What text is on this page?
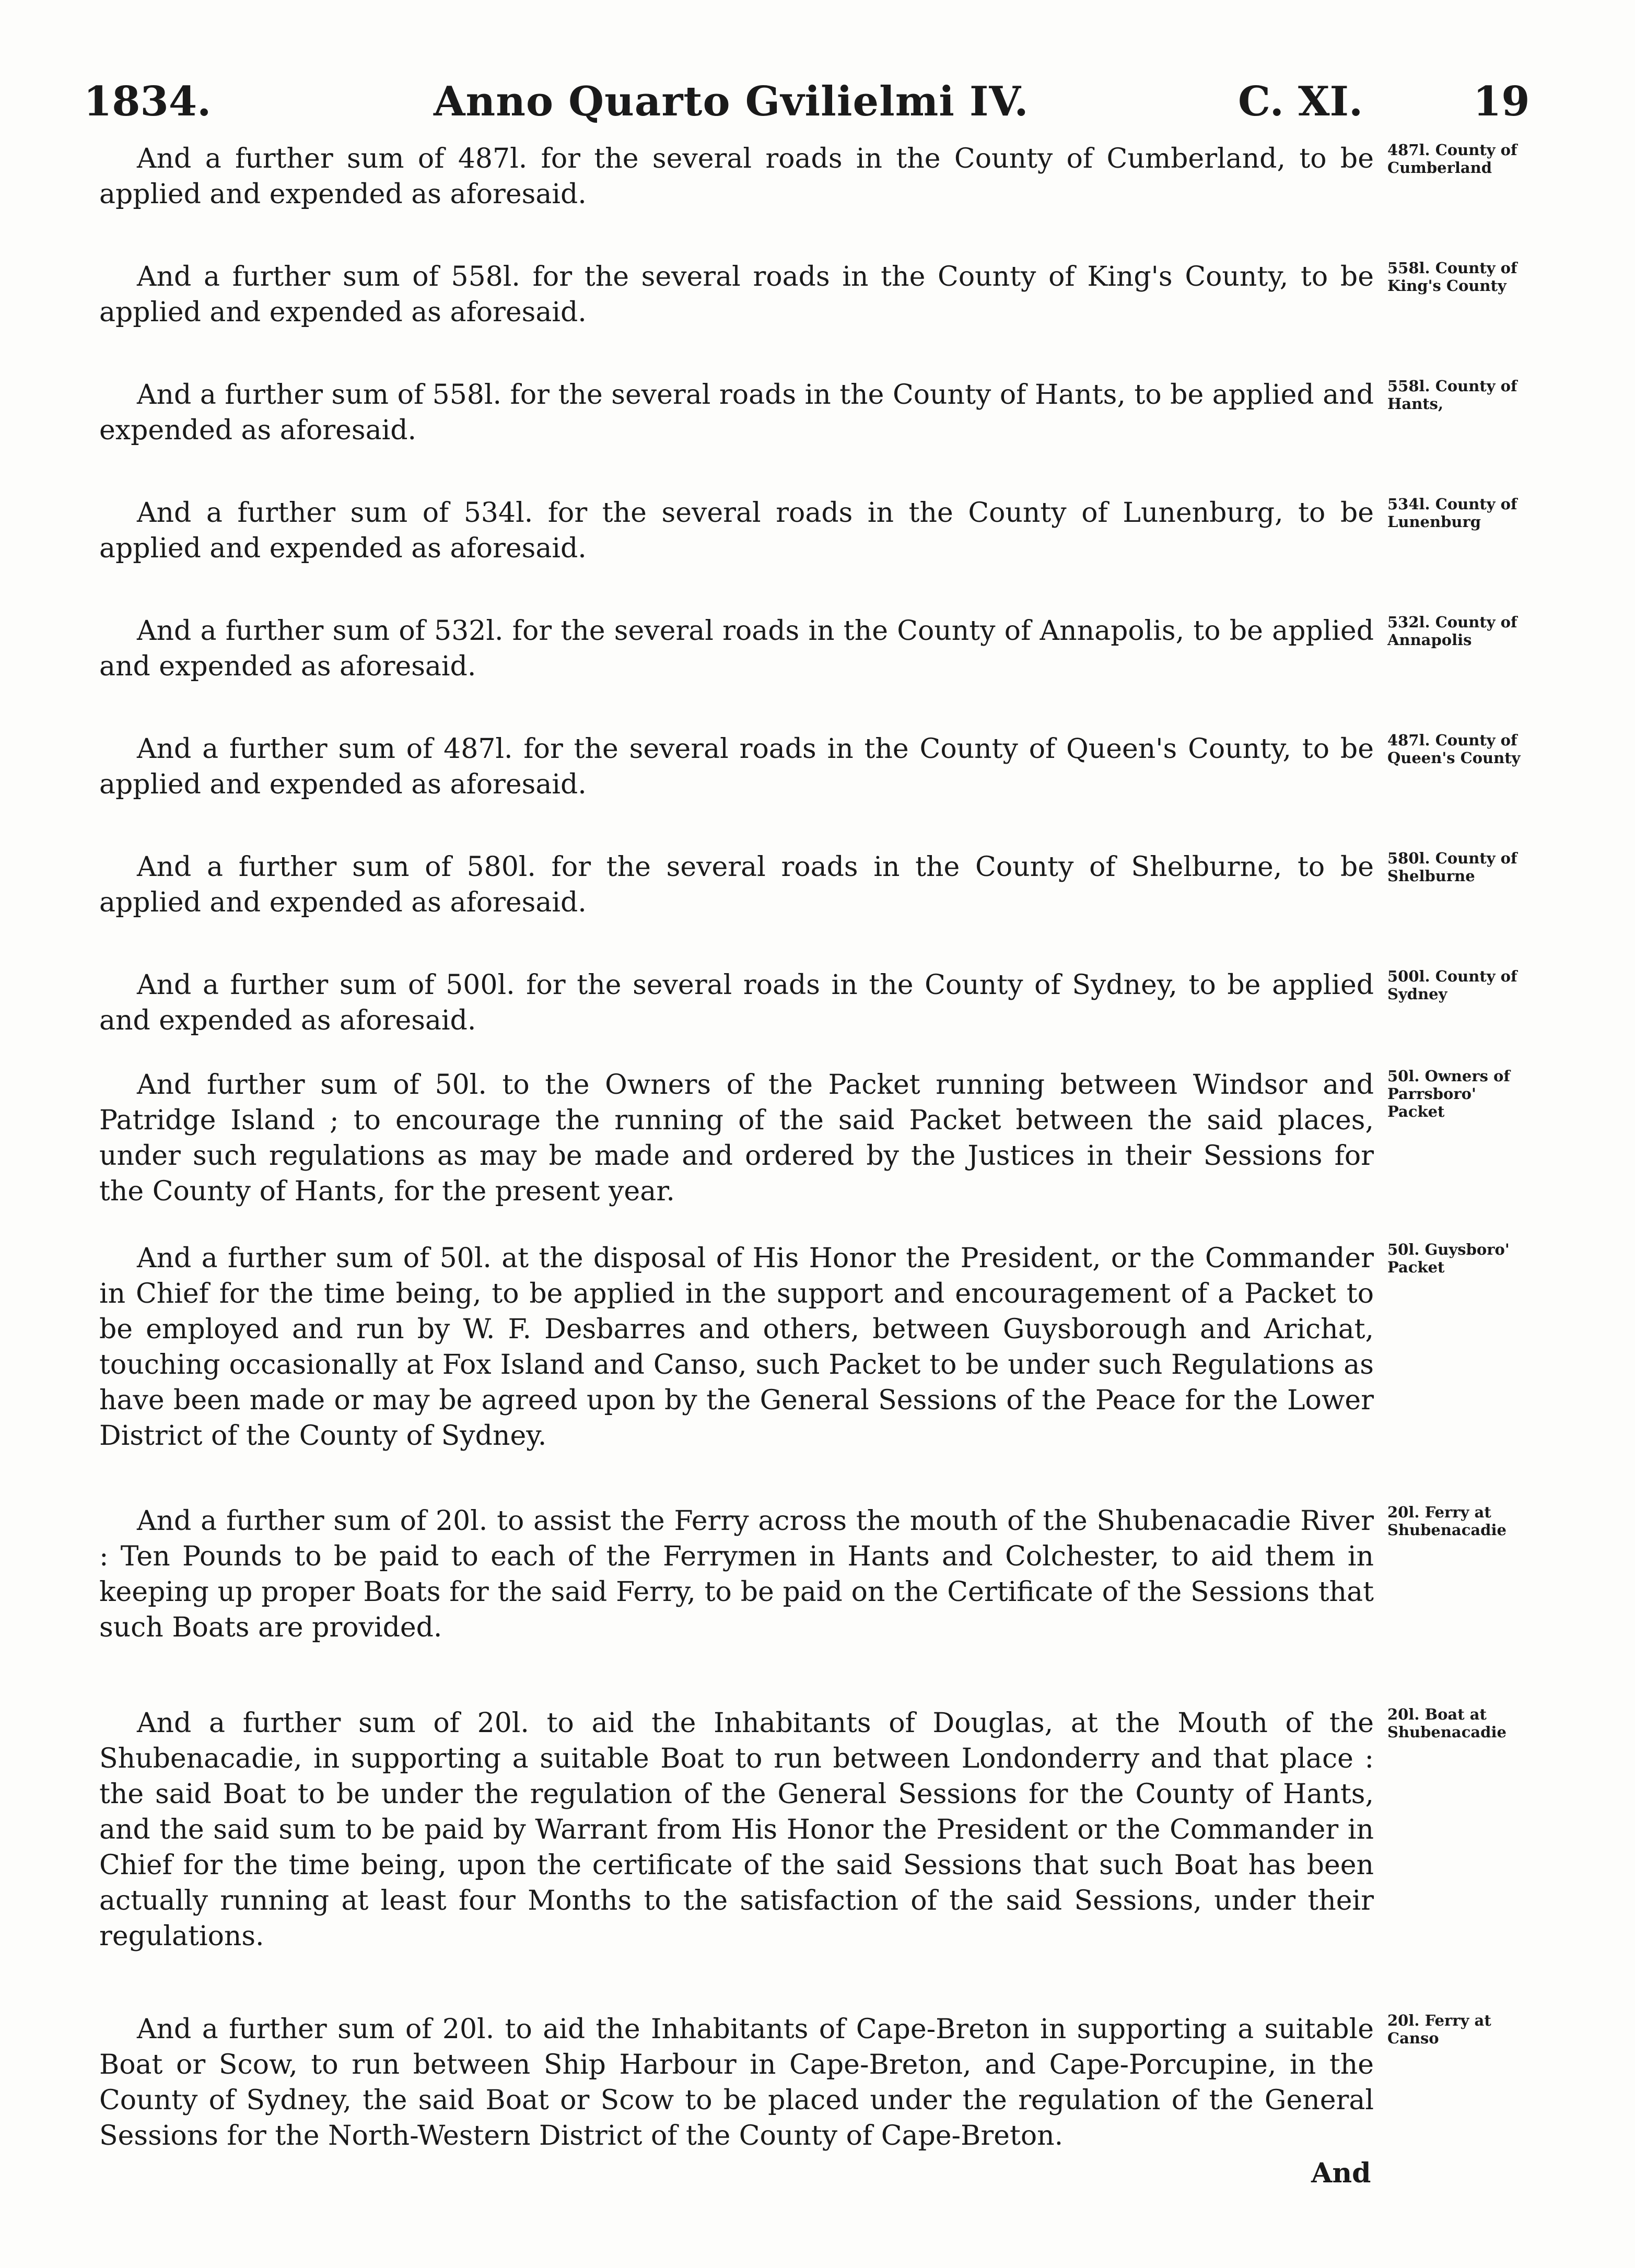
1834.	Anno Quarto Gvilielmi IV.	C. XI.	19

And a further sum of 487l. for the several roads in the County of Cumberland, to be applied and expended as aforesaid.

487l. County of Cumberland

And a further sum of 558l. for the several roads in the County of King's County, to be applied and expended as aforesaid.

558l. County of King's County

And a further sum of 558l. for the several roads in the County of Hants, to be applied and expended as aforesaid.

558l. County of Hants,

And a further sum of 534l. for the several roads in the County of Lunenburg, to be applied and expended as aforesaid.

534l. County of Lunenburg

And a further sum of 532l. for the several roads in the County of Annapolis, to be applied and expended as aforesaid.

532l. County of Annapolis

And a further sum of 487l. for the several roads in the County of Queen's County, to be applied and expended as aforesaid.

487l. County of Queen's County

And a further sum of 580l. for the several roads in the County of Shelburne, to be applied and expended as aforesaid.

580l. County of Shelburne

And a further sum of 500l. for the several roads in the County of Sydney, to be applied and expended as aforesaid.

500l. County of Sydney

And further sum of 50l. to the Owners of the Packet running between Windsor and Patridge Island ; to encourage the running of the said Packet between the said places, under such regulations as may be made and ordered by the Justices in their Sessions for the County of Hants, for the present year.

50l. Owners of Parrsboro' Packet

And a further sum of 50l. at the disposal of His Honor the President, or the Commander in Chief for the time being, to be applied in the support and encouragement of a Packet to be employed and run by W. F. Desbarres and others, between Guysborough and Arichat, touching occasionally at Fox Island and Canso, such Packet to be under such Regulations as have been made or may be agreed upon by the General Sessions of the Peace for the Lower District of the County of Sydney.

50l. Guysboro' Packet

And a further sum of 20l. to assist the Ferry across the mouth of the Shubenacadie River : Ten Pounds to be paid to each of the Ferrymen in Hants and Colchester, to aid them in keeping up proper Boats for the said Ferry, to be paid on the Certificate of the Sessions that such Boats are provided.

20l. Ferry at Shubenacadie

And a further sum of 20l. to aid the Inhabitants of Douglas, at the Mouth of the Shubenacadie, in supporting a suitable Boat to run between Londonderry and that place : the said Boat to be under the regulation of the General Sessions for the County of Hants, and the said sum to be paid by Warrant from His Honor the President or the Commander in Chief for the time being, upon the certificate of the said Sessions that such Boat has been actually running at least four Months to the satisfaction of the said Sessions, under their regulations.

20l. Boat at Shubenacadie

And a further sum of 20l. to aid the Inhabitants of Cape-Breton in supporting a suitable Boat or Scow, to run between Ship Harbour in Cape-Breton, and Cape-Porcupine, in the County of Sydney, the said Boat or Scow to be placed under the regulation of the General Sessions for the North-Western District of the County of Cape-Breton.

20l. Ferry at Canso
And
